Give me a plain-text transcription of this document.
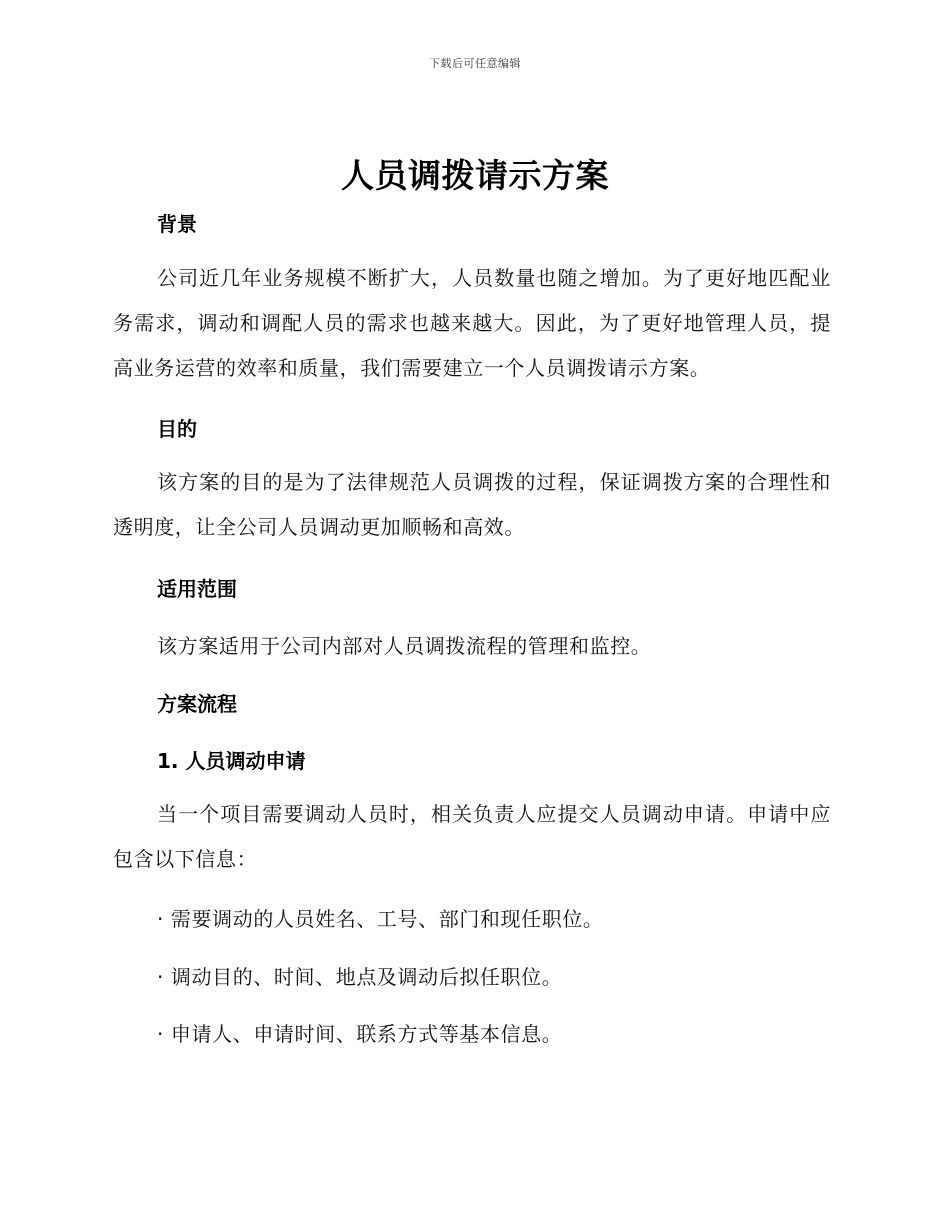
下载后可任意编辑
人员调拨请示方案
背景
公司近几年业务规模不断扩大，人员数量也随之增加。为了更好地匹配业务需求，调动和调配人员的需求也越来越大。因此，为了更好地管理人员，提高业务运营的效率和质量，我们需要建立一个人员调拨请示方案。
目的
该方案的目的是为了法律规范人员调拨的过程，保证调拨方案的合理性和透明度，让全公司人员调动更加顺畅和高效。
适用范围
该方案适用于公司内部对人员调拨流程的管理和监控。
方案流程
1. 人员调动申请
当一个项目需要调动人员时，相关负责人应提交人员调动申请。申请中应包含以下信息：
· 需要调动的人员姓名、工号、部门和现任职位。
· 调动目的、时间、地点及调动后拟任职位。
· 申请人、申请时间、联系方式等基本信息。
